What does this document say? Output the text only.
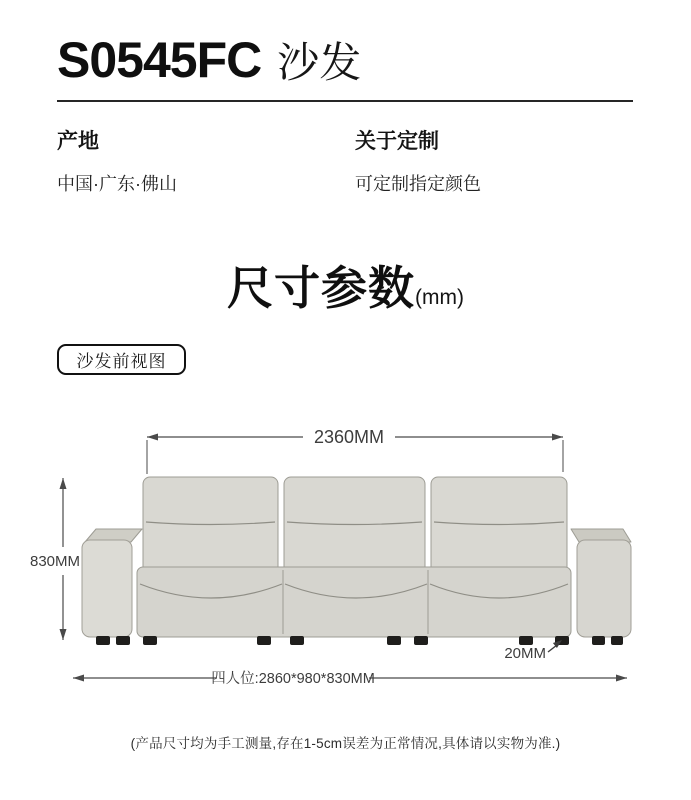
S0545FC 沙发
产地
中国·广东·佛山
关于定制
可定制指定颜色
尺寸参数(mm)
沙发前视图
2360MM
830MM
20MM
四人位:2860*980*830MM
(产品尺寸均为手工测量,存在1-5cm误差为正常情况,具体请以实物为准.)
